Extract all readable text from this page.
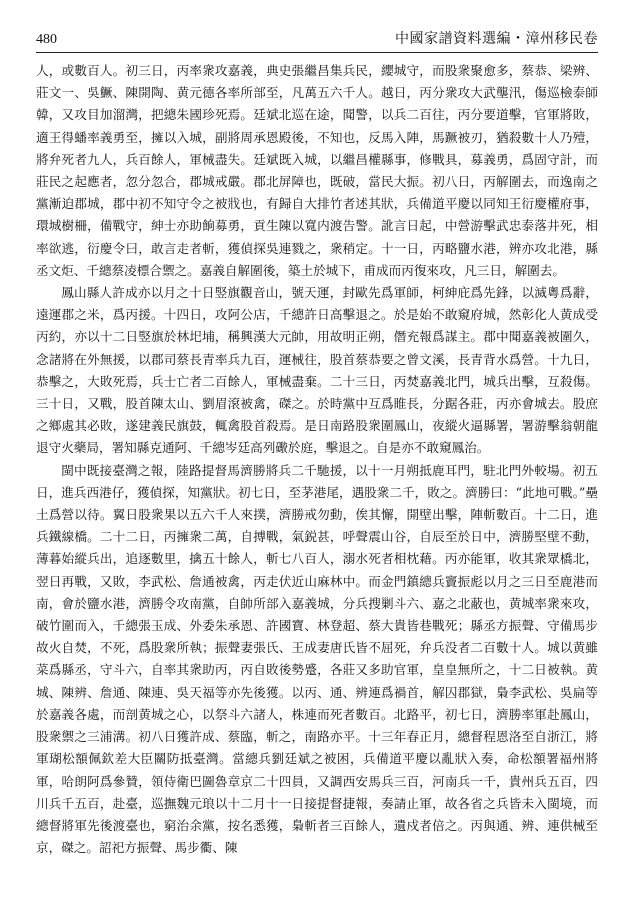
480	中國家譜資料選編・漳州移民卷

人，或數百人。初三日，丙率衆攻嘉義，典史張繼昌集兵民，纓城守，而股衆聚愈多，蔡恭、梁辨、莊文一、吳鱖、陳開陶、黄元德各率所部至，凡萬五六千人。越日，丙分衆攻大武壟汛，傷巡檢泰師韓，又攻目加溜灣，把總朱國珍死焉。廷斌北巡在途，聞警，以兵二百往，丙分要道擊，官軍將敗，適王得蟠率義勇至，擁以入城，副將周承恩殿後，不知也，反馬入陣，馬蹶被刃，猶殺數十人乃殪，將弁死者九人，兵百餘人，軍械盡失。廷斌既入城，以繼昌權縣事，修戰具，募義勇，爲固守計，而莊民之起應者，忽分忽合，郡城戒嚴。郡北屏障也，既破，當民大振。初八日，丙解圍去，而逸南之黨漸迫郡城，郡中初不知守令之被戕也，有歸自大排竹者述其狀，兵備道平慶以同知王衍慶權府事，環城樹柵，備戰守，紳士亦助餉募勇，貢生陳以寬内渡告警。訛言日起，中營游擊武忠泰落井死，相率欲逃，衍慶令曰，敢言走者斬，獲偵探吳連戮之，衆稍定。十一日，丙略鹽水港，辨亦攻北港，縣丞文炬、千總蔡凌標合禦之。嘉義自解圍後，築土於城下，甫成而丙復來攻，凡三日，解圍去。

鳳山縣人許成亦以月之十日竪旗觀音山，號天運，封歐先爲軍師，柯紳庇爲先鋒，以滅粵爲辭，遠運郡之米，爲丙援。十四日，攻阿公店，千總許日高擊退之。於是始不敢窺府城，然彰化人黄成受丙約，亦以十二日竪旗於林圯埔，稱興漢大元帥，用故明正朔，僭充報爲謀主。郡中聞嘉義被圍久，念諸將在外無援，以郡司蔡長青率兵九百，運械往，股首蔡恭要之曾文溪，長青背水爲營。十九日，恭擊之，大敗死焉，兵士亡者二百餘人，軍械盡棄。二十三日，丙焚嘉義北門，城兵出擊，互殺傷。三十日，又戰，股首陳太山、劉眉滾被禽，磔之。於時黨中互爲睢長，分踞各莊，丙亦會城去。股庶之鄉處其必敗，遂建義民旗鼓，輒禽股首殺焉。是日南路股衆圍鳳山，夜縱火逼縣署，署游擊翁朝龍退守火藥局，署知縣克通阿、千總岑廷高列礮於庭，擊退之。自是亦不敢窺鳳治。

閩中既接臺灣之報，陸路提督馬濟勝將兵二千馳援，以十一月朔抵鹿耳門，駐北門外較場。初五日，進兵西港仔，獲偵探，知黨狀。初七日，至茅港尾，遇股衆二千，敗之。濟勝曰：“此地可戰。”壘土爲營以待。翼日股衆果以五六千人來撲，濟勝戒勿動，俟其懈，開壁出擊，陣斬數百。十二日，進兵鐵線橋。二十二日，丙擁衆二萬，自搏戰，氣鋭甚，呼聲震山谷，自辰至於日中，濟勝堅壁不動，薄暮始縱兵出，追逐數里，擒五十餘人，斬七八百人，溺水死者相枕藉。丙亦能軍，收其衆眾橋北，翌日再戰，又敗，李武松、詹通被禽，丙走伏近山麻林中。而金門鎮總兵竇振彪以月之三日至鹿港而南，會於鹽水港，濟勝令攻南黨，自帥所部入嘉義城，分兵搜剿斗六、嘉之北蔽也，黄城率衆來攻，破竹圍而入，千總張玉成、外委朱承恩、許國寶、林登超、蔡大貴皆巷戰死；縣丞方振聲、守備馬步故火自焚，不死，爲股衆所執；振聲妻張氏、王成妻唐氏皆不屈死，弁兵没者二百數十人。城以黄雖菜爲縣丞，守斗六，自率其衆助丙，丙自敗後勢蹙，各莊又多助官軍，皇皇無所之，十二日被執。黄城、陳辨、詹通、陳連、吳天福等亦先後獲。以丙、通、辨連爲禍首，解囚郡獄，梟李武松、吳扁等於嘉義各處，而剖黄城之心，以祭斗六諸人，株連而死者數百。北路平，初七日，濟勝率軍赴鳳山，股衆禦之三浦溝。初八日獲許成、蔡臨，斬之，南路亦平。十三年春正月，總督程恩洛至自浙江，將軍瑚松額佩欽差大臣關防抵臺灣。當總兵劉廷斌之被困，兵備道平慶以亂狀入奏，命松額署福州將軍，哈朗阿爲參贊，領侍衛巴圖魯章京二十四員，又調西安馬兵三百，河南兵一千，貴州兵五百，四川兵千五百，赴臺，巡撫魏元琅以十二月十一日接提督捷報，奏請止軍，故各省之兵皆未入閩境，而總督將軍先後渡臺也，窮治余黨，按名悉獲，梟斬者三百餘人，遺戍者倍之。丙與通、辨、連供械至京，磔之。詔祀方振聲、馬步衢、陳
